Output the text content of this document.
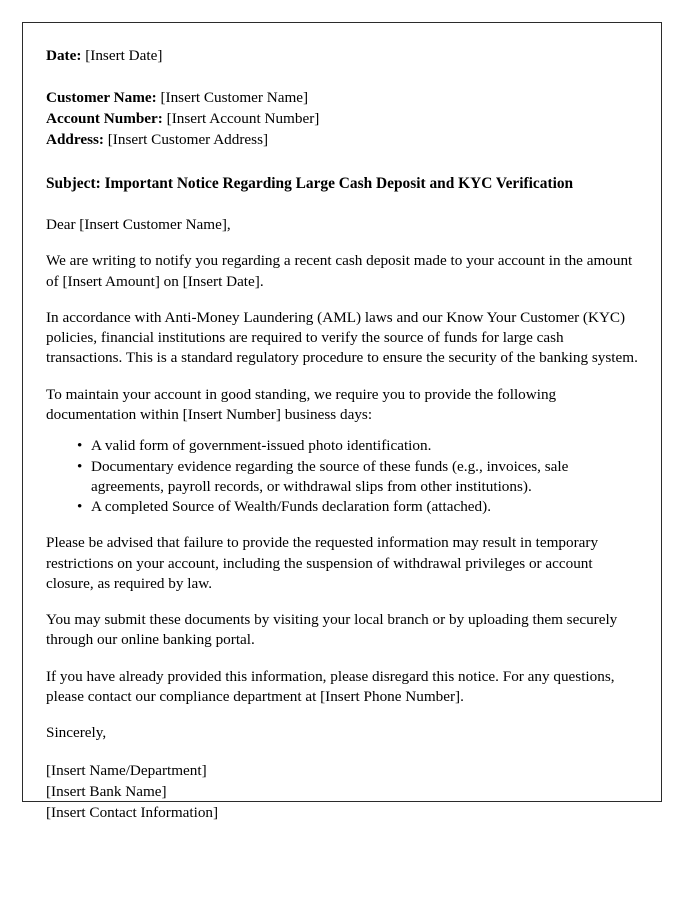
Date: [Insert Date]

Customer Name: [Insert Customer Name]

Account Number: [Insert Account Number]

Address: [Insert Customer Address]

Subject: Important Notice Regarding Large Cash Deposit and KYC Verification

Dear [Insert Customer Name],

We are writing to notify you regarding a recent cash deposit made to your account in the amount of [Insert Amount] on [Insert Date].

In accordance with Anti-Money Laundering (AML) laws and our Know Your Customer (KYC) policies, financial institutions are required to verify the source of funds for large cash transactions. This is a standard regulatory procedure to ensure the security of the banking system.

To maintain your account in good standing, we require you to provide the following documentation within [Insert Number] business days:

• A valid form of government-issued photo identification.
• Documentary evidence regarding the source of these funds (e.g., invoices, sale agreements, payroll records, or withdrawal slips from other institutions).
• A completed Source of Wealth/Funds declaration form (attached).

Please be advised that failure to provide the requested information may result in temporary restrictions on your account, including the suspension of withdrawal privileges or account closure, as required by law.

You may submit these documents by visiting your local branch or by uploading them securely through our online banking portal.

If you have already provided this information, please disregard this notice. For any questions, please contact our compliance department at [Insert Phone Number].

Sincerely,

[Insert Name/Department]

[Insert Bank Name]

[Insert Contact Information]
